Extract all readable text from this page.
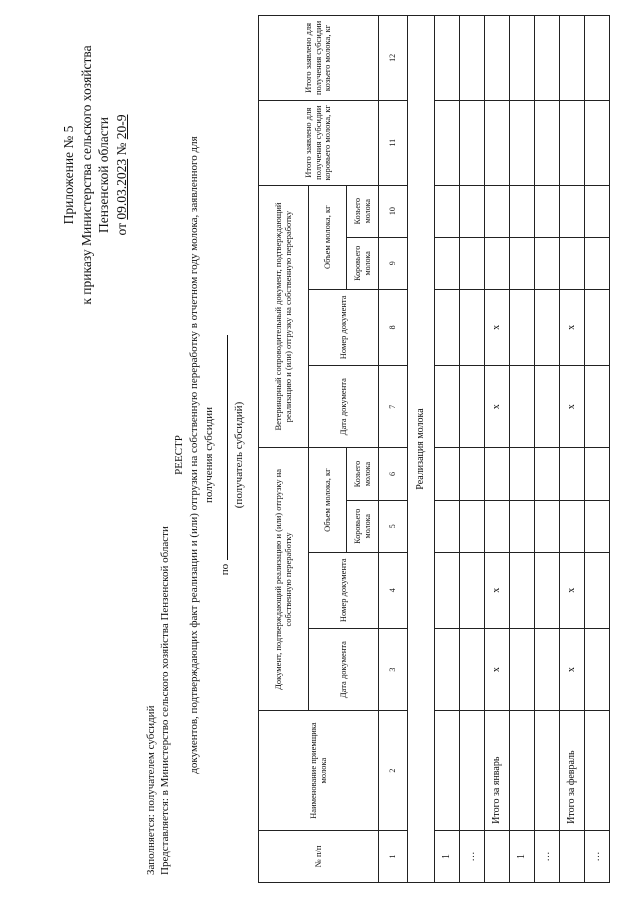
Приложение № 5 к приказу Министерства сельского хозяйства Пензенской области от 09.03.2023 № 20-9
Заполняется: получателем субсидий Представляется: в Министерство сельского хозяйства Пензенской области
РЕЕСТР документов, подтверждающих факт реализации и (или) отгрузки на собственную переработку в отчетном году молока, заявленного для получения субсидии
по
(получатель субсидий)
№ п/п	Наименование приемщика молока	Документ, подтверждающий реализацию и (или) отгрузку на собственную переработку				Ветеринарный сопроводительный документ, подтверждающий реализацию и (или) отгрузку на собственную переработку				Итого заявлено для получения субсидии коровьего молока, кг	Итого заявлено для получения субсидии козьего молока, кг
		Дата документа	Номер документа	Объем молока, кг		Дата документа	Номер документа	Объем молока, кг			
				Коровьего молока	Козьего молока			Коровьего молока	Козьего молока		
1	2	3	4	5	6	7	8	9	10	11	12
Реализация молока											
1											
…											
	Итого за январь	х	х			х	х				
1											
…											
	Итого за февраль	х	х			х	х				
…											
